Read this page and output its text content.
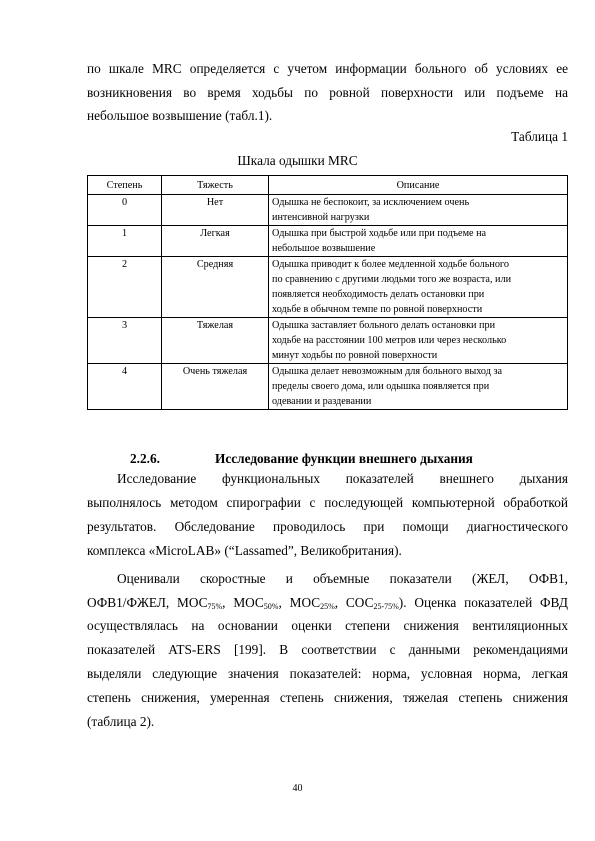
по шкале MRC определяется с учетом информации больного об условиях ее
возникновения во время ходьбы по ровной поверхности или подъеме на
небольшое возвышение (табл.1).
Таблица 1
Шкала одышки MRC
Степень	Тяжесть	Описание
0	Нет	Одышка не беспокоит, за исключением очень
интенсивной нагрузки

1	Легкая	Одышка при быстрой ходьбе или при подъеме на
небольшое возвышение

2	Средняя	Одышка приводит к более медленной ходьбе больного
по сравнению с другими людьми того же возраста, или
появляется необходимость делать остановки при
ходьбе в обычном темпе по ровной поверхности

3	Тяжелая	Одышка заставляет больного делать остановки при
ходьбе на расстоянии 100 метров или через несколько
минут ходьбы по ровной поверхности

4	Очень тяжелая	Одышка делает невозможным для больного выход за
пределы своего дома, или одышка появляется при
одевании и раздевании
2.2.6.	Исследование функции внешнего дыхания
Исследование функциональных показателей внешнего дыхания
выполнялось методом спирографии с последующей компьютерной обработкой
результатов. Обследование проводилось при помощи диагностического
комплекса «MicroLAB» (“Lassamed”, Великобритания).
Оценивали скоростные и объемные показатели (ЖЕЛ, ОФВ1,
ОФВ1/ФЖЕЛ, $МОС_{75\%}$, $МОС_{50\%}$, $МОС_{25\%}$, $СОС_{25-75\%}$). Оценка показателей ФВД
осуществлялась на основании оценки степени снижения вентиляционных
показателей ATS-ERS [199]. В соответствии с данными рекомендациями
выделяли следующие значения показателей: норма, условная норма, легкая
степень снижения, умеренная степень снижения, тяжелая степень снижения
(таблица 2).
40
